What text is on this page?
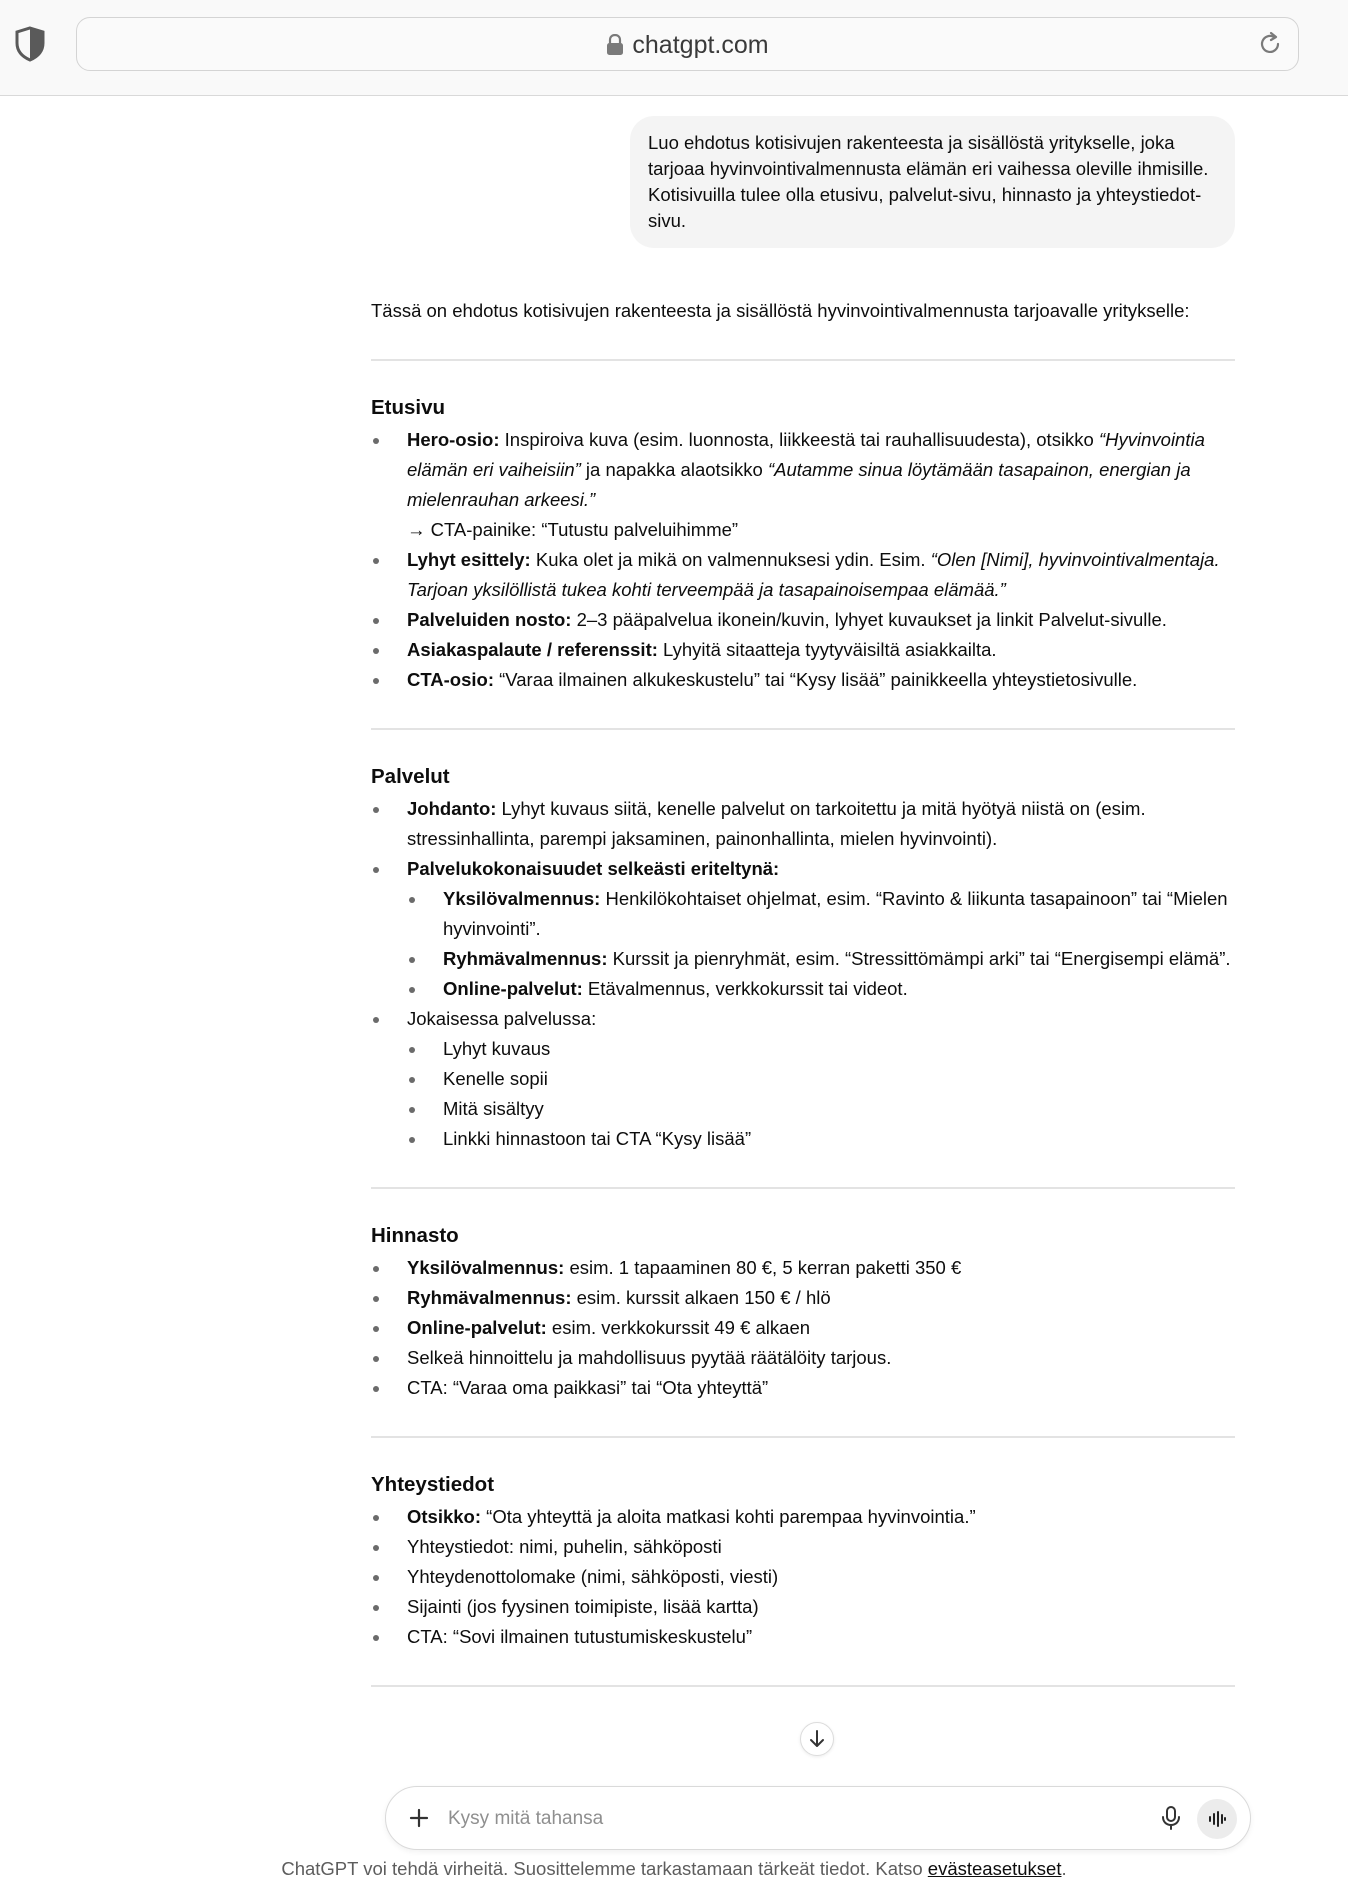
chatgpt.com
Luo ehdotus kotisivujen rakenteesta ja sisällöstä yritykselle, joka tarjoaa hyvinvointivalmennusta elämän eri vaihessa oleville ihmisille. Kotisivuilla tulee olla etusivu, palvelut-sivu, hinnasto ja yhteystiedot-sivu.

Tässä on ehdotus kotisivujen rakenteesta ja sisällöstä hyvinvointivalmennusta tarjoavalle yritykselle:

Etusivu
Hero-osio: Inspiroiva kuva (esim. luonnosta, liikkeestä tai rauhallisuudesta), otsikko “Hyvinvointia elämän eri vaiheisiin” ja napakka alaotsikko “Autamme sinua löytämään tasapainon, energian ja mielenrauhan arkeesi.”
→ CTA-painike: “Tutustu palveluihimme”
Lyhyt esittely: Kuka olet ja mikä on valmennuksesi ydin. Esim. “Olen [Nimi], hyvinvointivalmentaja. Tarjoan yksilöllistä tukea kohti terveempää ja tasapainoisempaa elämää.”
Palveluiden nosto: 2–3 pääpalvelua ikonein/kuvin, lyhyet kuvaukset ja linkit Palvelut-sivulle.
Asiakaspalaute / referenssit: Lyhyitä sitaatteja tyytyväisiltä asiakkailta.
CTA-osio: “Varaa ilmainen alkukeskustelu” tai “Kysy lisää” painikkeella yhteystietosivulle.
Palvelut
Johdanto: Lyhyt kuvaus siitä, kenelle palvelut on tarkoitettu ja mitä hyötyä niistä on (esim. stressinhallinta, parempi jaksaminen, painonhallinta, mielen hyvinvointi).
Palvelukokonaisuudet selkeästi eriteltynä:
Yksilövalmennus: Henkilökohtaiset ohjelmat, esim. “Ravinto & liikunta tasapainoon” tai “Mielen hyvinvointi”.
Ryhmävalmennus: Kurssit ja pienryhmät, esim. “Stressittömämpi arki” tai “Energisempi elämä”.
Online-palvelut: Etävalmennus, verkkokurssit tai videot.
Jokaisessa palvelussa:
Lyhyt kuvaus
Kenelle sopii
Mitä sisältyy
Linkki hinnastoon tai CTA “Kysy lisää”
Hinnasto
Yksilövalmennus: esim. 1 tapaaminen 80 €, 5 kerran paketti 350 €
Ryhmävalmennus: esim. kurssit alkaen 150 € / hlö
Online-palvelut: esim. verkkokurssit 49 € alkaen
Selkeä hinnoittelu ja mahdollisuus pyytää räätälöity tarjous.
CTA: “Varaa oma paikkasi” tai “Ota yhteyttä”
Yhteystiedot
Otsikko: “Ota yhteyttä ja aloita matkasi kohti parempaa hyvinvointia.”
Yhteystiedot: nimi, puhelin, sähköposti
Yhteydenottolomake (nimi, sähköposti, viesti)
Sijainti (jos fyysinen toimipiste, lisää kartta)
CTA: “Sovi ilmainen tutustumiskeskustelu”
Kysy mitä tahansa
ChatGPT voi tehdä virheitä. Suosittelemme tarkastamaan tärkeät tiedot. Katso evästeasetukset.
